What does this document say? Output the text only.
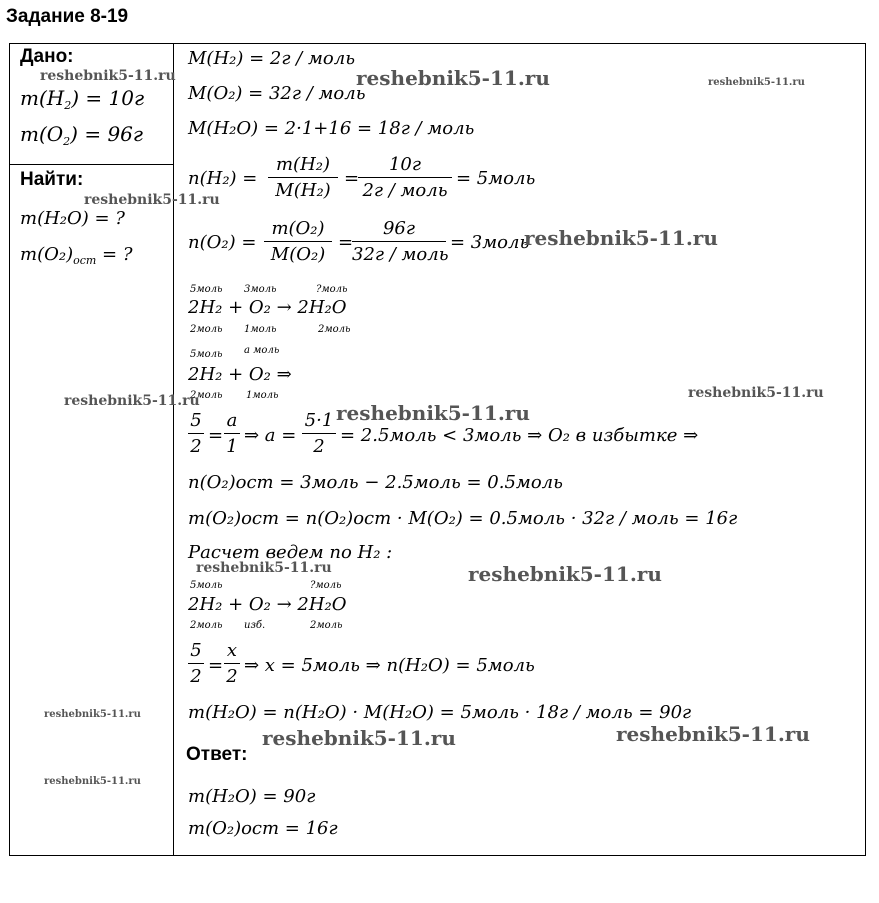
Задание 8-19
Дано:
$m(H_2) = 10г$
$m(O_2) = 96г$
Найти:
m(H₂O) = ?
$m(O_2)_{ост}$ = ?
M(H₂) = 2г / моль
M(O₂) = 32г / моль
M(H₂O) = 2·1+16 = 18г / моль
n(H₂) =
m(H₂)
M(H₂)
=
10г
2г / моль
= 5моль
n(O₂) =
m(O₂)
M(O₂)
=
96г
32г / моль
= 3моль
5моль 3моль	?моль
2H₂ + O₂ → 2H₂O
2моль 1моль	2моль
5моль a моль
2H₂ + O₂ ⇒
2моль 1моль
5
2
=
a
1
⇒ a =
5·1
2
= 2.5моль < 3моль ⇒ O₂ в избытке ⇒
n(O₂)ост = 3моль − 2.5моль = 0.5моль
m(O₂)ост = n(O₂)ост · M(O₂) = 0.5моль · 32г / моль = 16г
Расчет ведем по H₂ :
5моль	?моль
2H₂ + O₂ → 2H₂O
2моль изб.	2моль
5
2
=
x
2
⇒ x = 5моль ⇒ n(H₂O) = 5моль
m(H₂O) = n(H₂O) · M(H₂O) = 5моль · 18г / моль = 90г
Ответ:
m(H₂O) = 90г
m(O₂)ост = 16г
reshebnik5-11.ru	reshebnik5-11.ru	reshebnik5-11.ru
reshebnik5-11.ru
reshebnik5-11.ru
reshebnik5-11.ru
reshebnik5-11.ru	reshebnik5-11.ru
reshebnik5-11.ru	reshebnik5-11.ru
reshebnik5-11.ru
reshebnik5-11.ru	reshebnik5-11.ru
reshebnik5-11.ru
